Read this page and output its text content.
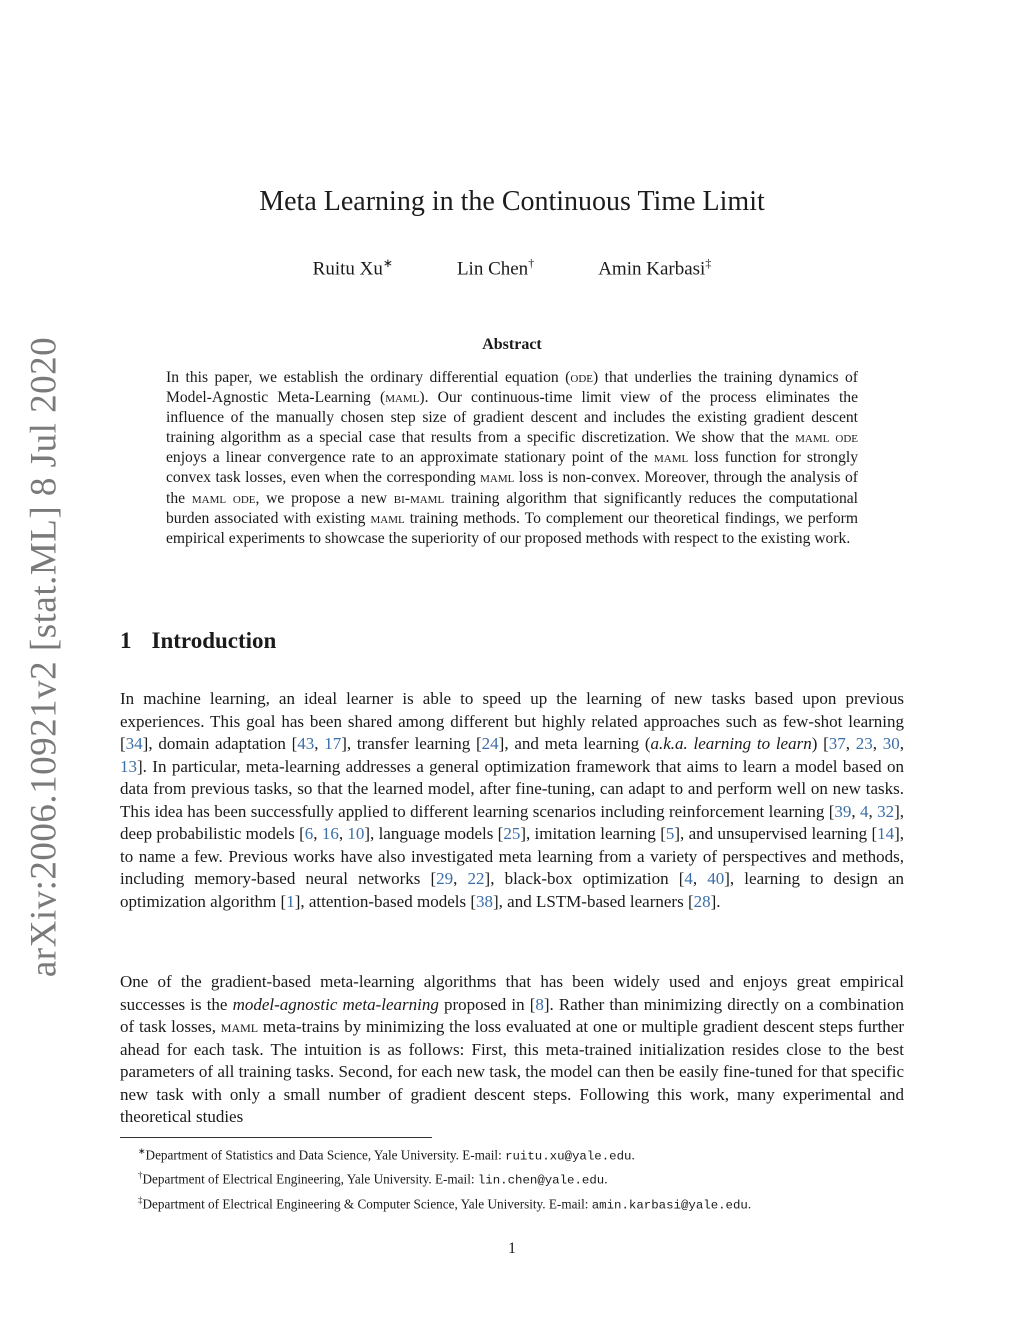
arXiv:2006.10921v2 [stat.ML] 8 Jul 2020
Meta Learning in the Continuous Time Limit
Ruitu Xu∗	Lin Chen†	Amin Karbasi‡
Abstract

In this paper, we establish the ordinary differential equation (ode) that underlies the training dynamics of Model-Agnostic Meta-Learning (maml). Our continuous-time limit view of the process eliminates the influence of the manually chosen step size of gradient descent and includes the existing gradient descent training algorithm as a special case that results from a specific discretization. We show that the maml ode enjoys a linear convergence rate to an approximate stationary point of the maml loss function for strongly convex task losses, even when the corresponding maml loss is non-convex. Moreover, through the analysis of the maml ode, we propose a new bi-maml training algorithm that significantly reduces the computational burden associated with existing maml training methods. To complement our theoretical findings, we perform empirical experiments to showcase the superiority of our proposed methods with respect to the existing work.

1 Introduction

In machine learning, an ideal learner is able to speed up the learning of new tasks based upon previous experiences. This goal has been shared among different but highly related approaches such as few-shot learning [34], domain adaptation [43, 17], transfer learning [24], and meta learning (a.k.a. learning to learn) [37, 23, 30, 13]. In particular, meta-learning addresses a general optimization framework that aims to learn a model based on data from previous tasks, so that the learned model, after fine-tuning, can adapt to and perform well on new tasks. This idea has been successfully applied to different learning scenarios including reinforcement learning [39, 4, 32], deep probabilistic models [6, 16, 10], language models [25], imitation learning [5], and unsupervised learning [14], to name a few. Previous works have also investigated meta learning from a variety of perspectives and methods, including memory-based neural networks [29, 22], black-box optimization [4, 40], learning to design an optimization algorithm [1], attention-based models [38], and LSTM-based learners [28].

One of the gradient-based meta-learning algorithms that has been widely used and enjoys great empirical successes is the model-agnostic meta-learning proposed in [8]. Rather than minimizing directly on a combination of task losses, maml meta-trains by minimizing the loss evaluated at one or multiple gradient descent steps further ahead for each task. The intuition is as follows: First, this meta-trained initialization resides close to the best parameters of all training tasks. Second, for each new task, the model can then be easily fine-tuned for that specific new task with only a small number of gradient descent steps. Following this work, many experimental and theoretical studies

∗Department of Statistics and Data Science, Yale University. E-mail: ruitu.xu@yale.edu.
†Department of Electrical Engineering, Yale University. E-mail: lin.chen@yale.edu.
‡Department of Electrical Engineering & Computer Science, Yale University. E-mail: amin.karbasi@yale.edu.
1
